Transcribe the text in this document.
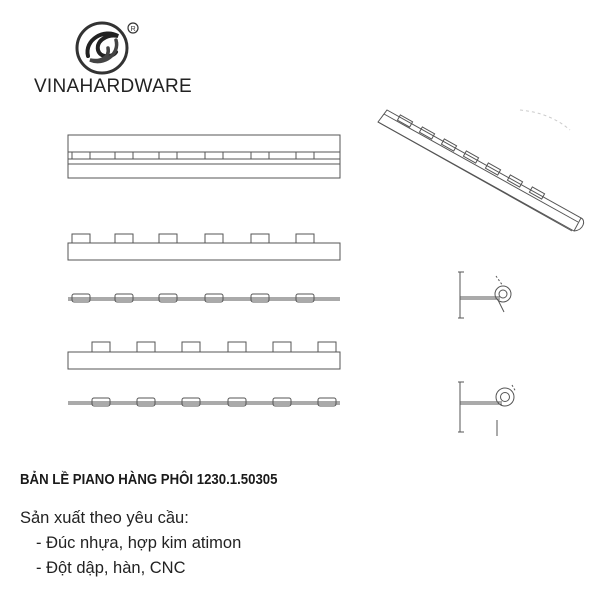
R
VINAHARDWARE
BẢN LỀ PIANO HÀNG PHÔI 1230.1.50305
Sản xuất theo yêu cầu:
- Đúc nhựa, hợp kim atimon
- Đột dập, hàn, CNC
